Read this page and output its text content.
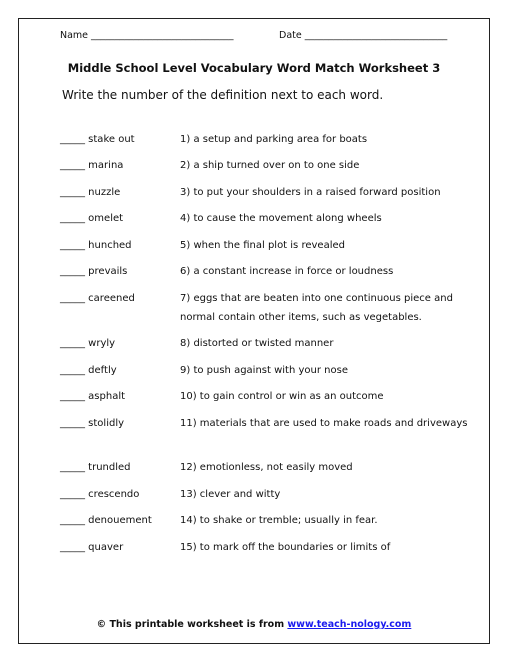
Name ______________________________	Date ______________________________
Middle School Level Vocabulary Word Match Worksheet 3
Write the number of the definition next to each word.
_____ stake out	1) a setup and parking area for boats
_____ marina	2) a ship turned over on to one side
_____ nuzzle	3) to put your shoulders in a raised forward position
_____ omelet	4) to cause the movement along wheels
_____ hunched	5) when the final plot is revealed
_____ prevails	6) a constant increase in force or loudness
_____ careened	7) eggs that are beaten into one continuous piece and normal contain other items, such as vegetables.
_____ wryly	8) distorted or twisted manner
_____ deftly	9) to push against with your nose
_____ asphalt	10) to gain control or win as an outcome
_____ stolidly	11) materials that are used to make roads and driveways
_____ trundled	12) emotionless, not easily moved
_____ crescendo	13) clever and witty
_____ denouement	14) to shake or tremble; usually in fear.
_____ quaver	15) to mark off the boundaries or limits of
© This printable worksheet is from www.teach-nology.com
